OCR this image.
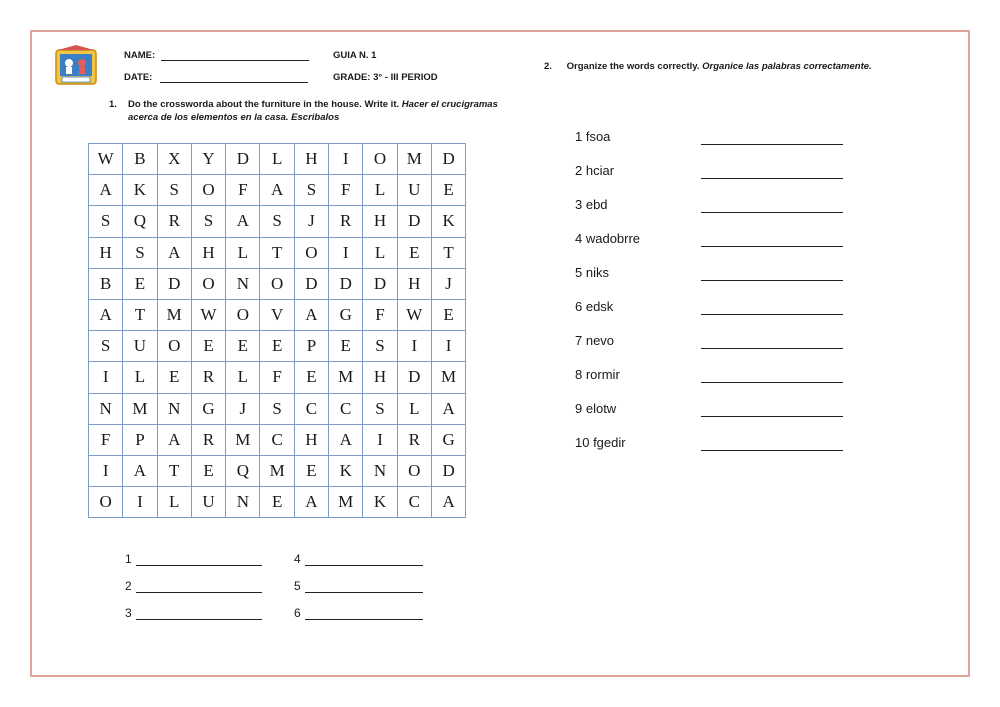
NAME:
DATE:
GUIA N. 1
GRADE: 3° - III PERIOD
1. Do the crossworda about the furniture in the house. Write it. Hacer el crucigramas acerca de los elementos en la casa. Escribalos
2. Organize the words correctly. Organice las palabras correctamente.
W	B	X	Y	D	L	H	I	O	M	D
A	K	S	O	F	A	S	F	L	U	E
S	Q	R	S	A	S	J	R	H	D	K
H	S	A	H	L	T	O	I	L	E	T
B	E	D	O	N	O	D	D	D	H	J
A	T	M	W	O	V	A	G	F	W	E
S	U	O	E	E	E	P	E	S	I	I
I	L	E	R	L	F	E	M	H	D	M
N	M	N	G	J	S	C	C	S	L	A
F	P	A	R	M	C	H	A	I	R	G
I	A	T	E	Q	M	E	K	N	O	D
O	I	L	U	N	E	A	M	K	C	A
1
2
3
4
5
6
1 fsoa
2 hciar
3 ebd
4 wadobrre
5 niks
6 edsk
7 nevo
8 rormir
9 elotw
10 fgedir
